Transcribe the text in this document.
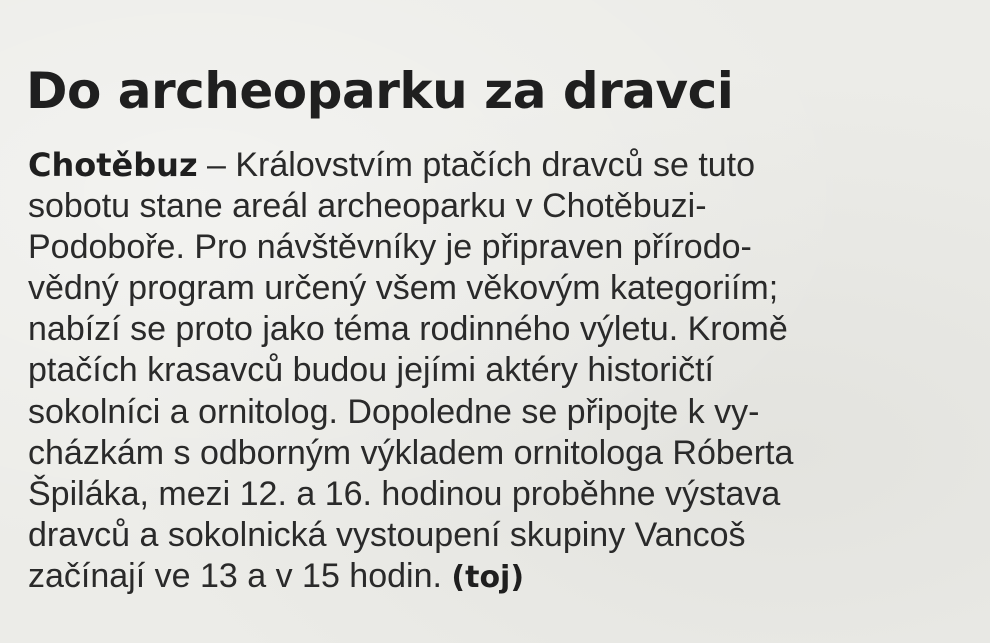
Do archeoparku za dravci
Chotěbuz – Královstvím ptačích dravců se tuto
sobotu stane areál archeoparku v Chotěbuzi-
Podoboře. Pro návštěvníky je připraven přírodo-
vědný program určený všem věkovým kategoriím;
nabízí se proto jako téma rodinného výletu. Kromě
ptačích krasavců budou jejími aktéry historičtí
sokolníci a ornitolog. Dopoledne se připojte k vy-
cházkám s odborným výkladem ornitologa Róberta
Špiláka, mezi 12. a 16. hodinou proběhne výstava
dravců a sokolnická vystoupení skupiny Vancoš
začínají ve 13 a v 15 hodin. (toj)
